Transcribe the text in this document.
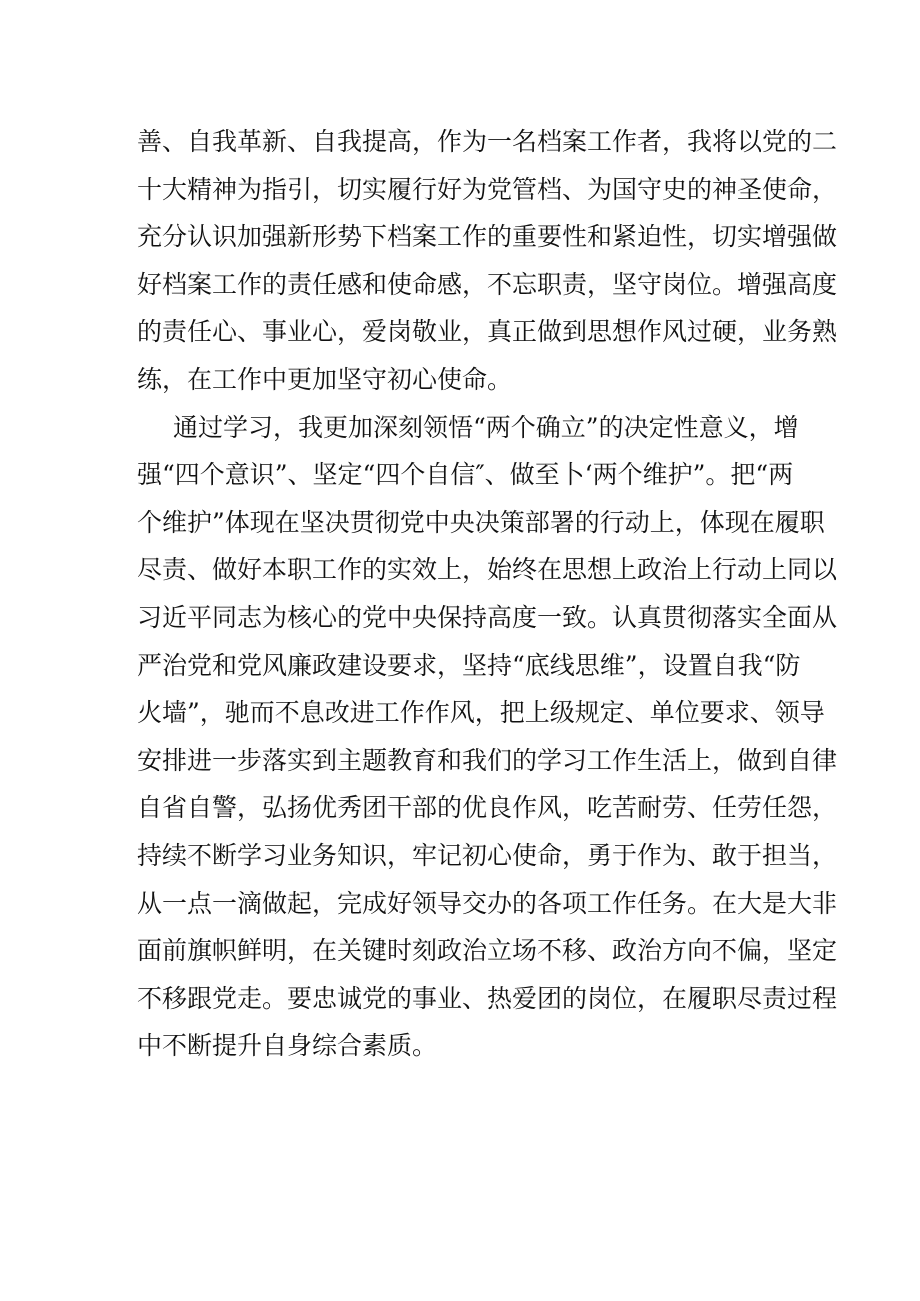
善、自我革新、自我提高，作为一名档案工作者，我将以党的二
十大精神为指引，切实履行好为党管档、为国守史的神圣使命，
充分认识加强新形势下档案工作的重要性和紧迫性，切实增强做
好档案工作的责任感和使命感，不忘职责，坚守岗位。增强高度
的责任心、事业心，爱岗敬业，真正做到思想作风过硬，业务熟
练，在工作中更加坚守初心使命。
通过学习，我更加深刻领悟“两个确立”的决定性意义，增
强“四个意识”、坚定“四个自信″、做至卜‘两个维护”。把“两
个维护”体现在坚决贯彻党中央决策部署的行动上，体现在履职
尽责、做好本职工作的实效上，始终在思想上政治上行动上同以
习近平同志为核心的党中央保持高度一致。认真贯彻落实全面从
严治党和党风廉政建设要求，坚持“底线思维”，设置自我“防
火墙”，驰而不息改进工作作风，把上级规定、单位要求、领导
安排进一步落实到主题教育和我们的学习工作生活上，做到自律
自省自警，弘扬优秀团干部的优良作风，吃苦耐劳、任劳任怨，
持续不断学习业务知识，牢记初心使命，勇于作为、敢于担当，
从一点一滴做起，完成好领导交办的各项工作任务。在大是大非
面前旗帜鲜明，在关键时刻政治立场不移、政治方向不偏，坚定
不移跟党走。要忠诚党的事业、热爱团的岗位，在履职尽责过程
中不断提升自身综合素质。
